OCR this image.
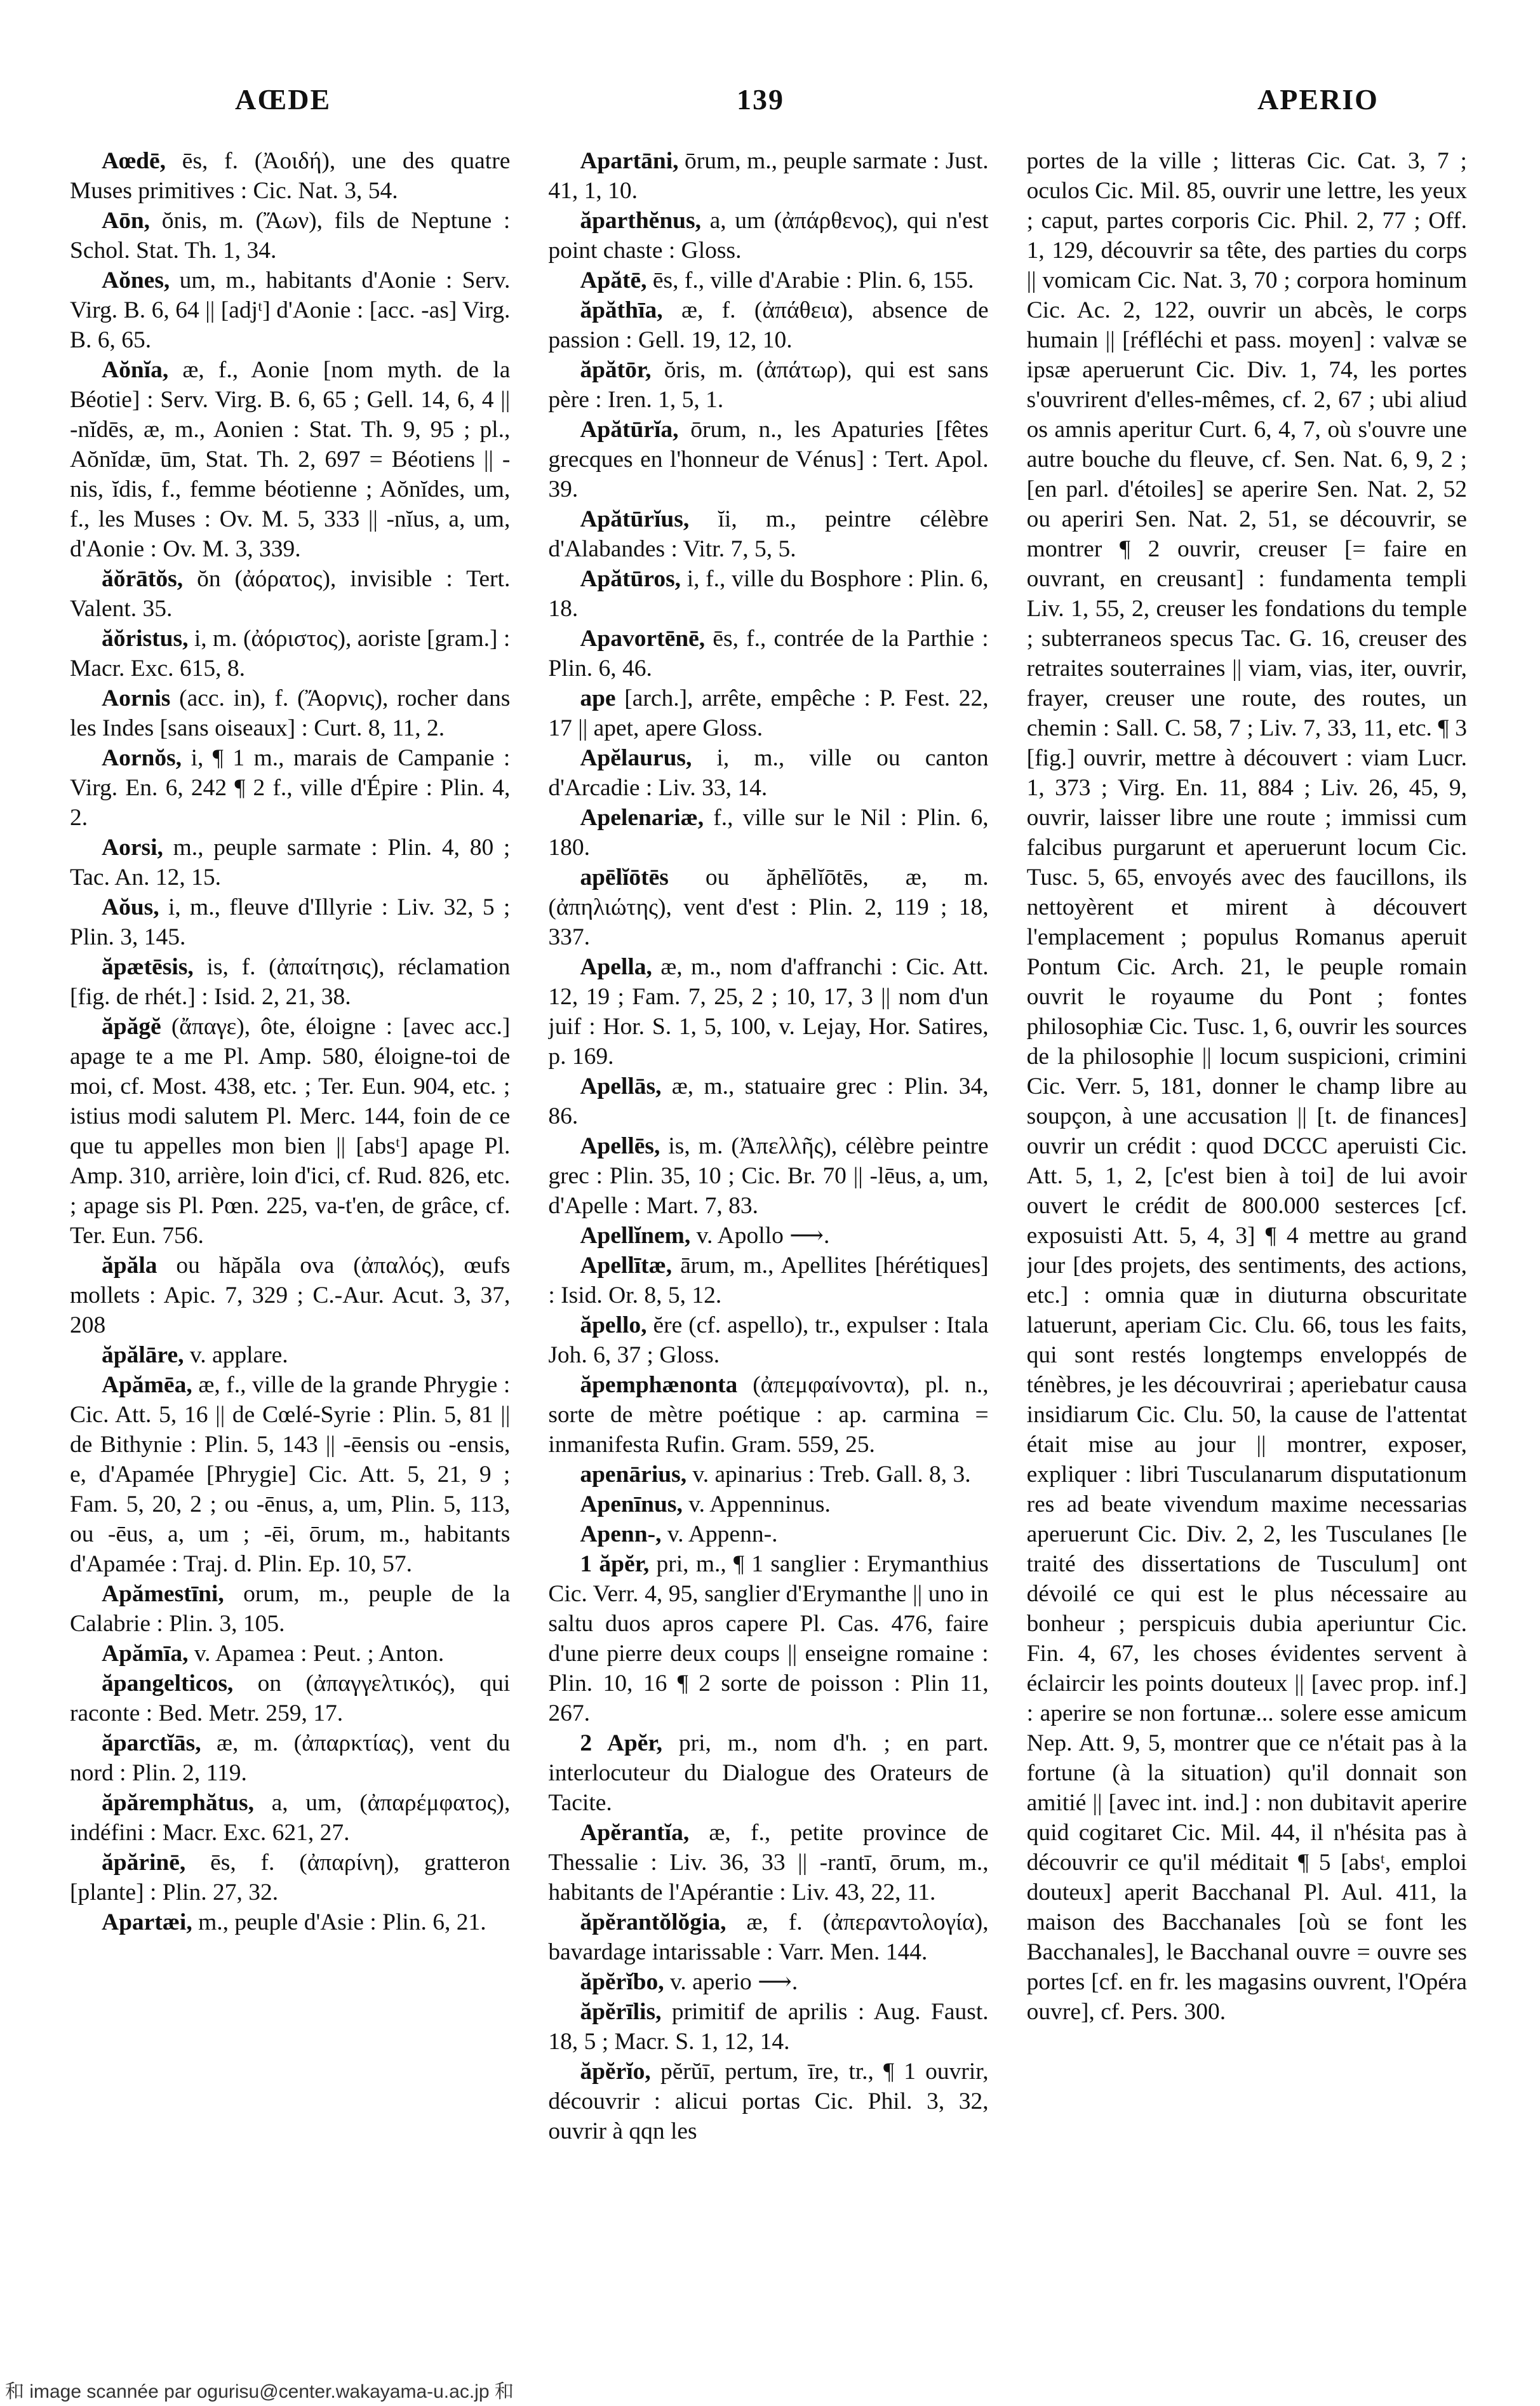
AŒDE	139	APERIO

Aœdē, ēs, f. (Ἀοιδή), une des quatre Muses primitives : Cic. Nat. 3, 54.

Aōn, ŏnis, m. (Ἄων), fils de Neptune : Schol. Stat. Th. 1, 34.

Aŏnes, um, m., habitants d'Aonie : Serv. Virg. B. 6, 64 || [adjᵗ] d'Aonie : [acc. -as] Virg. B. 6, 65.

Aŏnĭa, æ, f., Aonie [nom myth. de la Béotie] : Serv. Virg. B. 6, 65 ; Gell. 14, 6, 4 || -nĭdēs, æ, m., Aonien : Stat. Th. 9, 95 ; pl., Aŏnĭdæ, ūm, Stat. Th. 2, 697 = Béotiens || -nis, ĭdis, f., femme béotienne ; Aŏnĭdes, um, f., les Muses : Ov. M. 5, 333 || -nĭus, a, um, d'Aonie : Ov. M. 3, 339.

ăŏrātŏs, ŏn (ἀόρατος), invisible : Tert. Valent. 35.

ăŏristus, i, m. (ἀόριστος), aoriste [gram.] : Macr. Exc. 615, 8.

Aornis (acc. in), f. (Ἄορνις), rocher dans les Indes [sans oiseaux] : Curt. 8, 11, 2.

Aornŏs, i, ¶ 1 m., marais de Campanie : Virg. En. 6, 242 ¶ 2 f., ville d'Épire : Plin. 4, 2.

Aorsi, m., peuple sarmate : Plin. 4, 80 ; Tac. An. 12, 15.

Aŏus, i, m., fleuve d'Illyrie : Liv. 32, 5 ; Plin. 3, 145.

ăpætēsis, is, f. (ἀπαίτησις), réclamation [fig. de rhét.] : Isid. 2, 21, 38.

ăpăgĕ (ἄπαγε), ôte, éloigne : [avec acc.] apage te a me Pl. Amp. 580, éloigne-toi de moi, cf. Most. 438, etc. ; Ter. Eun. 904, etc. ; istius modi salutem Pl. Merc. 144, foin de ce que tu appelles mon bien || [absᵗ] apage Pl. Amp. 310, arrière, loin d'ici, cf. Rud. 826, etc. ; apage sis Pl. Pœn. 225, va-t'en, de grâce, cf. Ter. Eun. 756.

ăpăla ou hăpăla ova (ἀπαλός), œufs mollets : Apic. 7, 329 ; C.-Aur. Acut. 3, 37, 208

ăpălāre, v. applare.

Apămēa, æ, f., ville de la grande Phrygie : Cic. Att. 5, 16 || de Cœlé-Syrie : Plin. 5, 81 || de Bithynie : Plin. 5, 143 || -ēensis ou -ensis, e, d'Apamée [Phrygie] Cic. Att. 5, 21, 9 ; Fam. 5, 20, 2 ; ou -ēnus, a, um, Plin. 5, 113, ou -ēus, a, um ; -ēi, ōrum, m., habitants d'Apamée : Traj. d. Plin. Ep. 10, 57.

Apămestīni, orum, m., peuple de la Calabrie : Plin. 3, 105.

Apămīa, v. Apamea : Peut. ; Anton.

ăpangelticos, on (ἀπαγγελτικός), qui raconte : Bed. Metr. 259, 17.

ăparctĭās, æ, m. (ἀπαρκτίας), vent du nord : Plin. 2, 119.

ăpăremphătus, a, um, (ἀπαρέμφατος), indéfini : Macr. Exc. 621, 27.

ăpărinē, ēs, f. (ἀπαρίνη), gratteron [plante] : Plin. 27, 32.

Apartæi, m., peuple d'Asie : Plin. 6, 21.

Apartāni, ōrum, m., peuple sarmate : Just. 41, 1, 10.

ăparthĕnus, a, um (ἀπάρθενος), qui n'est point chaste : Gloss.

Apătē, ēs, f., ville d'Arabie : Plin. 6, 155.

ăpăthīa, æ, f. (ἀπάθεια), absence de passion : Gell. 19, 12, 10.

ăpătōr, ŏris, m. (ἀπάτωρ), qui est sans père : Iren. 1, 5, 1.

Apătūrĭa, ōrum, n., les Apaturies [fêtes grecques en l'honneur de Vénus] : Tert. Apol. 39.

Apătūrĭus, ĭi, m., peintre célèbre d'Alabandes : Vitr. 7, 5, 5.

Apătūros, i, f., ville du Bosphore : Plin. 6, 18.

Apavortēnē, ēs, f., contrée de la Parthie : Plin. 6, 46.

ape [arch.], arrête, empêche : P. Fest. 22, 17 || apet, apere Gloss.

Apĕlaurus, i, m., ville ou canton d'Arcadie : Liv. 33, 14.

Apelenariæ, f., ville sur le Nil : Plin. 6, 180.

apēlĭōtēs ou ăphēlĭōtēs, æ, m. (ἀπηλιώτης), vent d'est : Plin. 2, 119 ; 18, 337.

Apella, æ, m., nom d'affranchi : Cic. Att. 12, 19 ; Fam. 7, 25, 2 ; 10, 17, 3 || nom d'un juif : Hor. S. 1, 5, 100, v. Lejay, Hor. Satires, p. 169.

Apellās, æ, m., statuaire grec : Plin. 34, 86.

Apellēs, is, m. (Ἀπελλῆς), célèbre peintre grec : Plin. 35, 10 ; Cic. Br. 70 || -lēus, a, um, d'Apelle : Mart. 7, 83.

Apellĭnem, v. Apollo ⟶.

Apellītæ, ārum, m., Apellites [hérétiques] : Isid. Or. 8, 5, 12.

ăpello, ĕre (cf. aspello), tr., expulser : Itala Joh. 6, 37 ; Gloss.

ăpemphænonta (ἀπεμφαίνοντα), pl. n., sorte de mètre poétique : ap. carmina = inmanifesta Rufin. Gram. 559, 25.

apenārius, v. apinarius : Treb. Gall. 8, 3.

Apenīnus, v. Appenninus.

Apenn-, v. Appenn-.

1 ăpĕr, pri, m., ¶ 1 sanglier : Erymanthius Cic. Verr. 4, 95, sanglier d'Erymanthe || uno in saltu duos apros capere Pl. Cas. 476, faire d'une pierre deux coups || enseigne romaine : Plin. 10, 16 ¶ 2 sorte de poisson : Plin 11, 267.

2 Apĕr, pri, m., nom d'h. ; en part. interlocuteur du Dialogue des Orateurs de Tacite.

Apĕrantĭa, æ, f., petite province de Thessalie : Liv. 36, 33 || -rantī, ōrum, m., habitants de l'Apérantie : Liv. 43, 22, 11.

ăpĕrantŏlŏgia, æ, f. (ἀπεραντολογία), bavardage intarissable : Varr. Men. 144.

ăpĕrĭbo, v. aperio ⟶.

ăpĕrīlis, primitif de aprilis : Aug. Faust. 18, 5 ; Macr. S. 1, 12, 14.

ăpĕrĭo, pĕrŭī, pertum, īre, tr., ¶ 1 ouvrir, découvrir : alicui portas Cic. Phil. 3, 32, ouvrir à qqn les

portes de la ville ; litteras Cic. Cat. 3, 7 ; oculos Cic. Mil. 85, ouvrir une lettre, les yeux ; caput, partes corporis Cic. Phil. 2, 77 ; Off. 1, 129, découvrir sa tête, des parties du corps || vomicam Cic. Nat. 3, 70 ; corpora hominum Cic. Ac. 2, 122, ouvrir un abcès, le corps humain || [réfléchi et pass. moyen] : valvæ se ipsæ aperuerunt Cic. Div. 1, 74, les portes s'ouvrirent d'elles-mêmes, cf. 2, 67 ; ubi aliud os amnis aperitur Curt. 6, 4, 7, où s'ouvre une autre bouche du fleuve, cf. Sen. Nat. 6, 9, 2 ; [en parl. d'étoiles] se aperire Sen. Nat. 2, 52 ou aperiri Sen. Nat. 2, 51, se découvrir, se montrer ¶ 2 ouvrir, creuser [= faire en ouvrant, en creusant] : fundamenta templi Liv. 1, 55, 2, creuser les fondations du temple ; subterraneos specus Tac. G. 16, creuser des retraites souterraines || viam, vias, iter, ouvrir, frayer, creuser une route, des routes, un chemin : Sall. C. 58, 7 ; Liv. 7, 33, 11, etc. ¶ 3 [fig.] ouvrir, mettre à découvert : viam Lucr. 1, 373 ; Virg. En. 11, 884 ; Liv. 26, 45, 9, ouvrir, laisser libre une route ; immissi cum falcibus purgarunt et aperuerunt locum Cic. Tusc. 5, 65, envoyés avec des faucillons, ils nettoyèrent et mirent à découvert l'emplacement ; populus Romanus aperuit Pontum Cic. Arch. 21, le peuple romain ouvrit le royaume du Pont ; fontes philosophiæ Cic. Tusc. 1, 6, ouvrir les sources de la philosophie || locum suspicioni, crimini Cic. Verr. 5, 181, donner le champ libre au soupçon, à une accusation || [t. de finances] ouvrir un crédit : quod DCCC aperuisti Cic. Att. 5, 1, 2, [c'est bien à toi] de lui avoir ouvert le crédit de 800.000 sesterces [cf. exposuisti Att. 5, 4, 3] ¶ 4 mettre au grand jour [des projets, des sentiments, des actions, etc.] : omnia quæ in diuturna obscuritate latuerunt, aperiam Cic. Clu. 66, tous les faits, qui sont restés longtemps enveloppés de ténèbres, je les découvrirai ; aperiebatur causa insidiarum Cic. Clu. 50, la cause de l'attentat était mise au jour || montrer, exposer, expliquer : libri Tusculanarum disputationum res ad beate vivendum maxime necessarias aperuerunt Cic. Div. 2, 2, les Tusculanes [le traité des dissertations de Tusculum] ont dévoilé ce qui est le plus nécessaire au bonheur ; perspicuis dubia aperiuntur Cic. Fin. 4, 67, les choses évidentes servent à éclaircir les points douteux || [avec prop. inf.] : aperire se non fortunæ... solere esse amicum Nep. Att. 9, 5, montrer que ce n'était pas à la fortune (à la situation) qu'il donnait son amitié || [avec int. ind.] : non dubitavit aperire quid cogitaret Cic. Mil. 44, il n'hésita pas à découvrir ce qu'il méditait ¶ 5 [absᵗ, emploi douteux] aperit Bacchanal Pl. Aul. 411, la maison des Bacchanales [où se font les Bacchanales], le Bacchanal ouvre = ouvre ses portes [cf. en fr. les magasins ouvrent, l'Opéra ouvre], cf. Pers. 300.

和 image scannée par ogurisu@center.wakayama-u.ac.jp 和
